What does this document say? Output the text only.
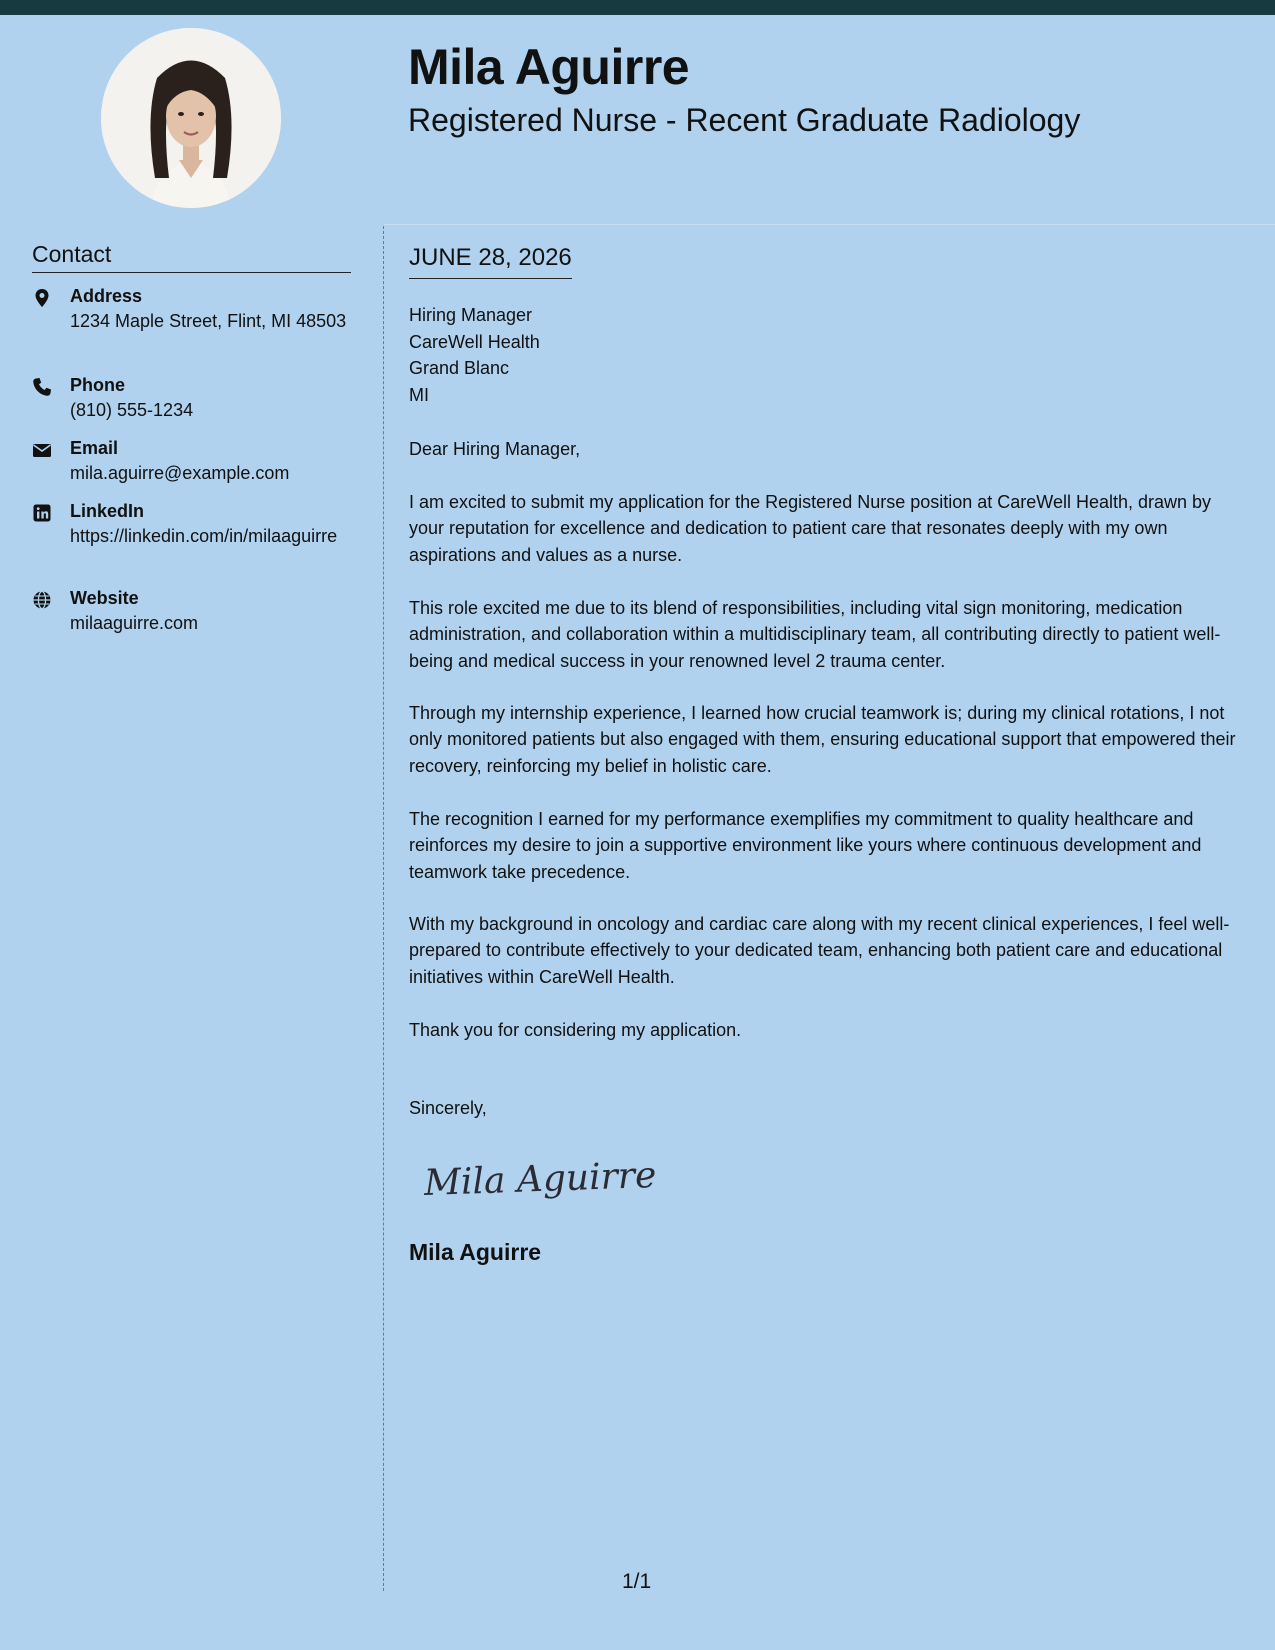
Mila Aguirre
Registered Nurse - Recent Graduate Radiology
Contact
Address
1234 Maple Street, Flint, MI 48503
Phone
(810) 555-1234
Email
mila.aguirre@example.com
LinkedIn
https://linkedin.com/in/milaaguirre
Website
milaaguirre.com
JUNE 28, 2026
Hiring Manager
CareWell Health
Grand Blanc
MI
Dear Hiring Manager,
I am excited to submit my application for the Registered Nurse position at CareWell Health, drawn by your reputation for excellence and dedication to patient care that resonates deeply with my own aspirations and values as a nurse.
This role excited me due to its blend of responsibilities, including vital sign monitoring, medication administration, and collaboration within a multidisciplinary team, all contributing directly to patient well-being and medical success in your renowned level 2 trauma center.
Through my internship experience, I learned how crucial teamwork is; during my clinical rotations, I not only monitored patients but also engaged with them, ensuring educational support that empowered their recovery, reinforcing my belief in holistic care.
The recognition I earned for my performance exemplifies my commitment to quality healthcare and reinforces my desire to join a supportive environment like yours where continuous development and teamwork take precedence.
With my background in oncology and cardiac care along with my recent clinical experiences, I feel well-prepared to contribute effectively to your dedicated team, enhancing both patient care and educational initiatives within CareWell Health.
Thank you for considering my application.
Sincerely,
Mila Aguirre
Mila Aguirre
1/1
